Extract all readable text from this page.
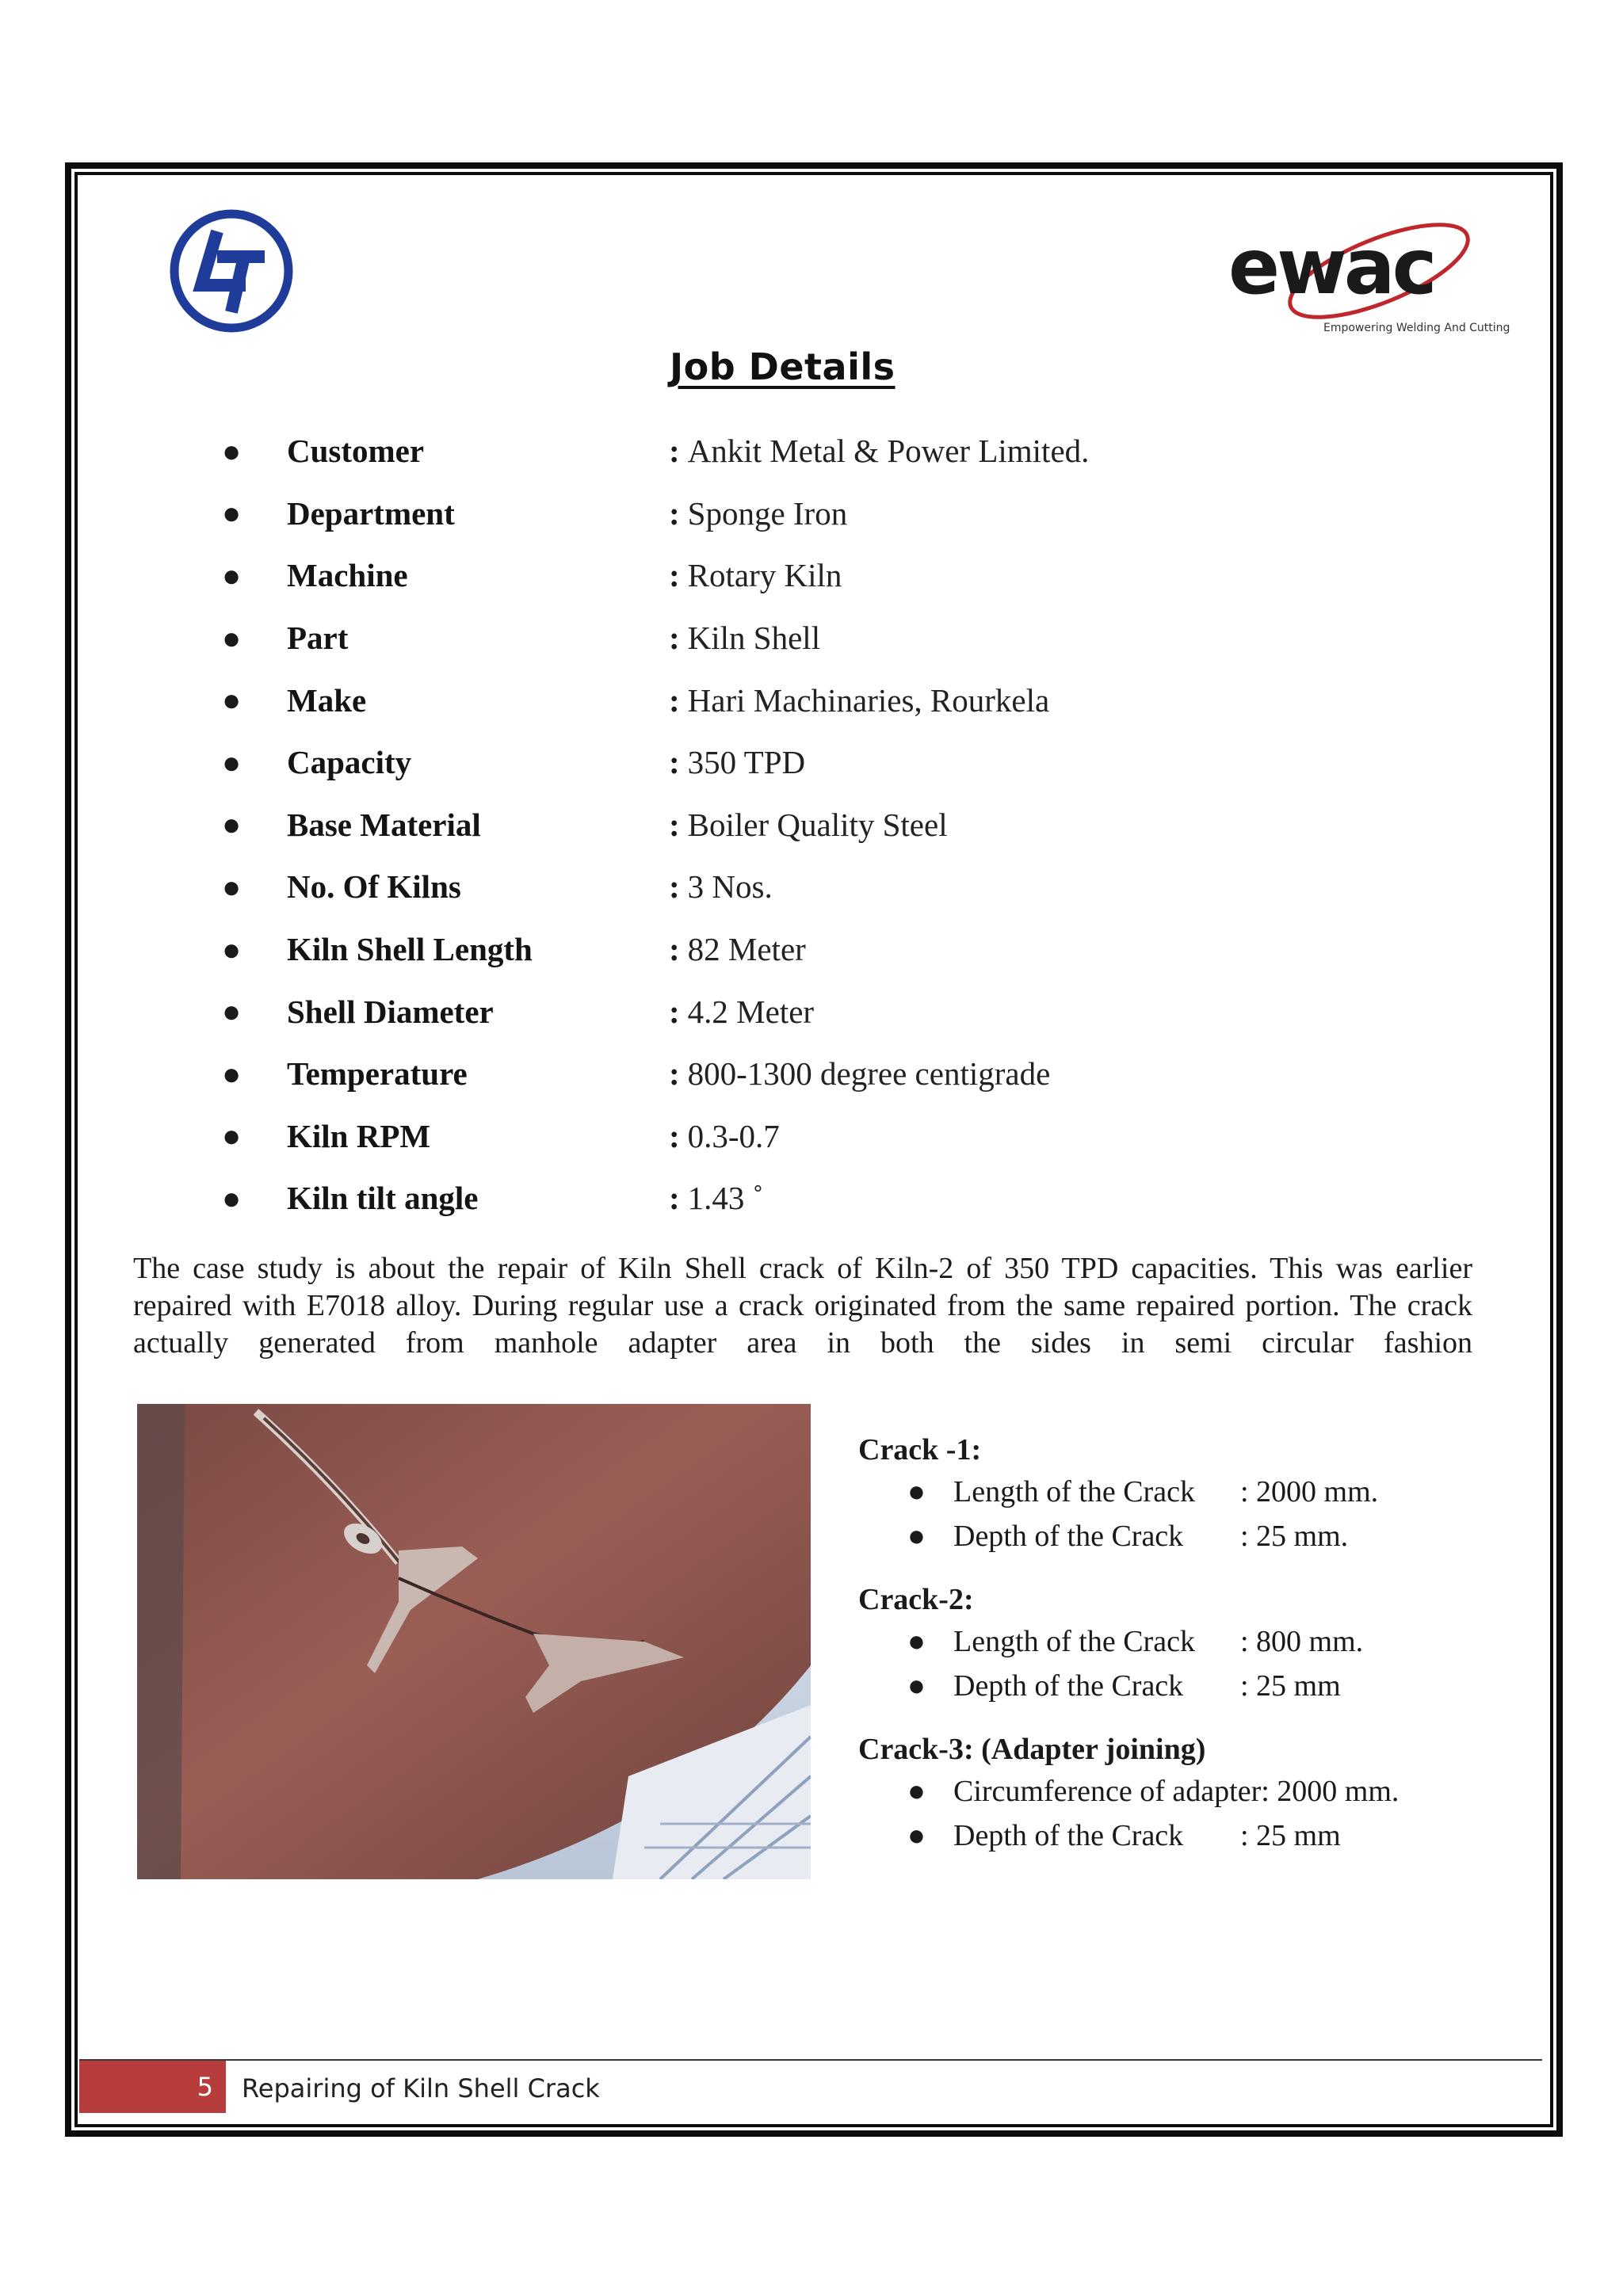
ewac
Empowering Welding And Cutting
Job Details
●	Customer	: Ankit Metal & Power Limited.
●	Department	: Sponge Iron
●	Machine	: Rotary Kiln
●	Part	: Kiln Shell
●	Make	: Hari Machinaries, Rourkela
●	Capacity	: 350 TPD
●	Base Material	: Boiler Quality Steel
●	No. Of Kilns	: 3 Nos.
●	Kiln Shell Length	: 82 Meter
●	Shell Diameter	: 4.2 Meter
●	Temperature	: 800-1300 degree centigrade
●	Kiln RPM	: 0.3-0.7
●	Kiln tilt angle	: 1.43 ˚
The case study is about the repair of Kiln Shell crack of Kiln-2 of 350 TPD capacities. This was earlier repaired with E7018 alloy. During regular use a crack originated from the same repaired portion. The crack actually generated from manhole adapter area in both the sides in semi circular fashion
Crack -1:
● Length of the Crack	: 2000 mm.
● Depth of the Crack	: 25 mm.
Crack-2:
● Length of the Crack	: 800 mm.
● Depth of the Crack	: 25 mm
Crack-3: (Adapter joining)
● Circumference of adapter: 2000 mm.
● Depth of the Crack	: 25 mm
5	Repairing of Kiln Shell Crack
